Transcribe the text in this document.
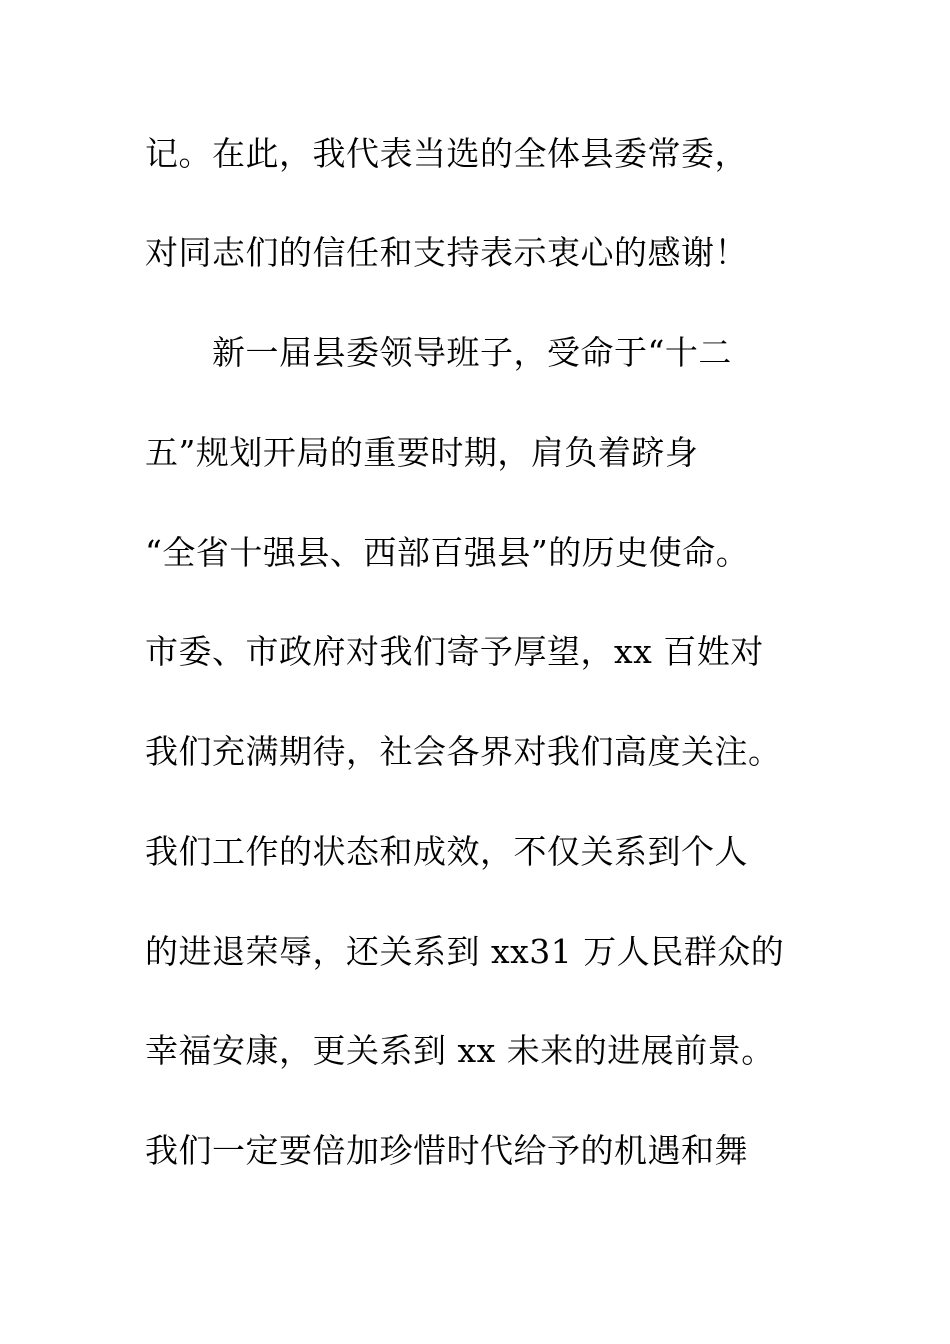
记。在此，我代表当选的全体县委常委，
对同志们的信任和支持表示衷心的感谢！
新一届县委领导班子，受命于“十二
五”规划开局的重要时期，肩负着跻身
“全省十强县、西部百强县”的历史使命。
市委、市政府对我们寄予厚望，xx 百姓对
我们充满期待，社会各界对我们高度关注。
我们工作的状态和成效，不仅关系到个人
的进退荣辱，还关系到 xx31 万人民群众的
幸福安康，更关系到 xx 未来的进展前景。
我们一定要倍加珍惜时代给予的机遇和舞
